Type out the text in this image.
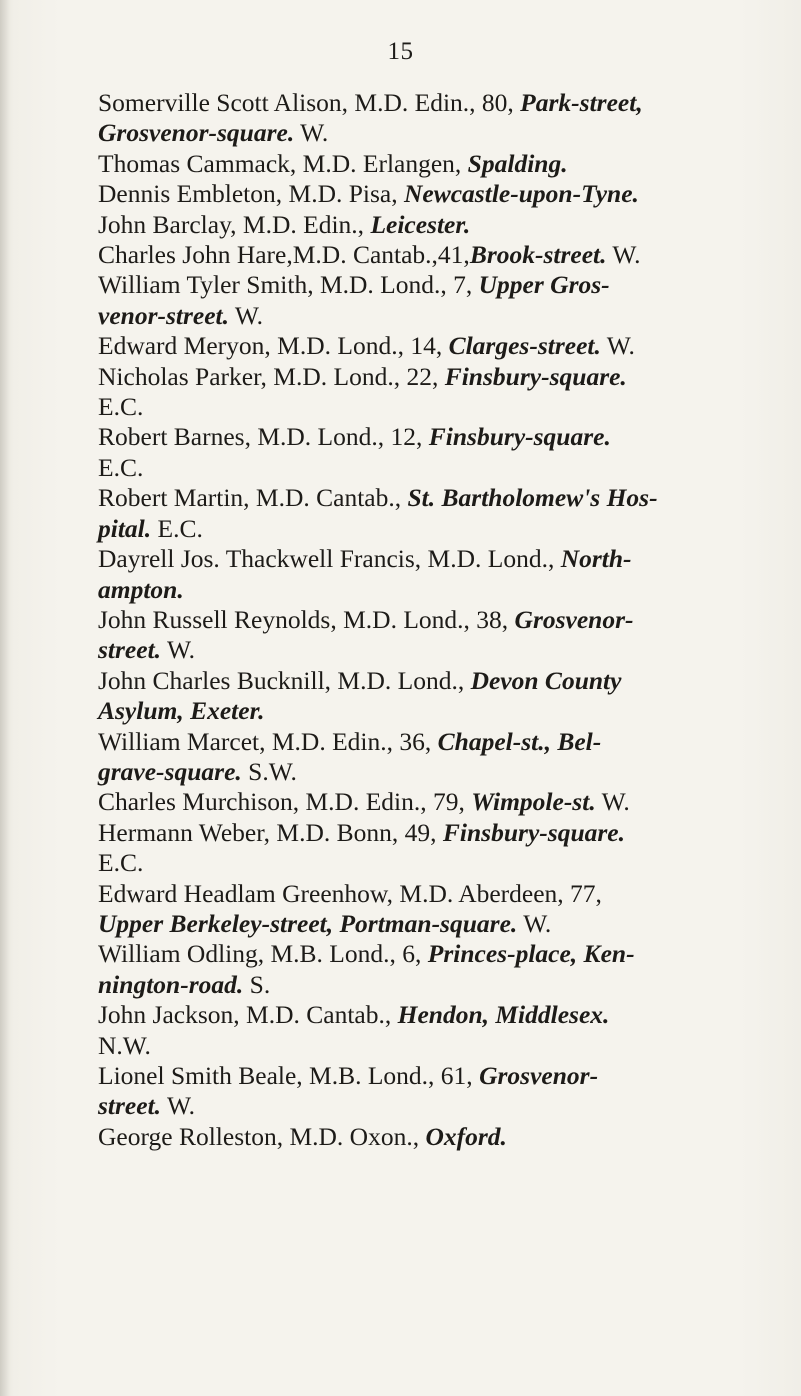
15
Somerville Scott Alison, M.D. Edin., 80, Park-street,
Grosvenor-square. W.
Thomas Cammack, M.D. Erlangen, Spalding.
Dennis Embleton, M.D. Pisa, Newcastle-upon-Tyne.
John Barclay, M.D. Edin., Leicester.
Charles John Hare,M.D. Cantab.,41,Brook-street. W.
William Tyler Smith, M.D. Lond., 7, Upper Gros-
venor-street. W.
Edward Meryon, M.D. Lond., 14, Clarges-street. W.
Nicholas Parker, M.D. Lond., 22, Finsbury-square.
E.C.
Robert Barnes, M.D. Lond., 12, Finsbury-square.
E.C.
Robert Martin, M.D. Cantab., St. Bartholomew's Hos-
pital. E.C.
Dayrell Jos. Thackwell Francis, M.D. Lond., North-
ampton.
John Russell Reynolds, M.D. Lond., 38, Grosvenor-
street. W.
John Charles Bucknill, M.D. Lond., Devon County
Asylum, Exeter.
William Marcet, M.D. Edin., 36, Chapel-st., Bel-
grave-square. S.W.
Charles Murchison, M.D. Edin., 79, Wimpole-st. W.
Hermann Weber, M.D. Bonn, 49, Finsbury-square.
E.C.
Edward Headlam Greenhow, M.D. Aberdeen, 77,
Upper Berkeley-street, Portman-square. W.
William Odling, M.B. Lond., 6, Princes-place, Ken-
nington-road. S.
John Jackson, M.D. Cantab., Hendon, Middlesex.
N.W.
Lionel Smith Beale, M.B. Lond., 61, Grosvenor-
street. W.
George Rolleston, M.D. Oxon., Oxford.
